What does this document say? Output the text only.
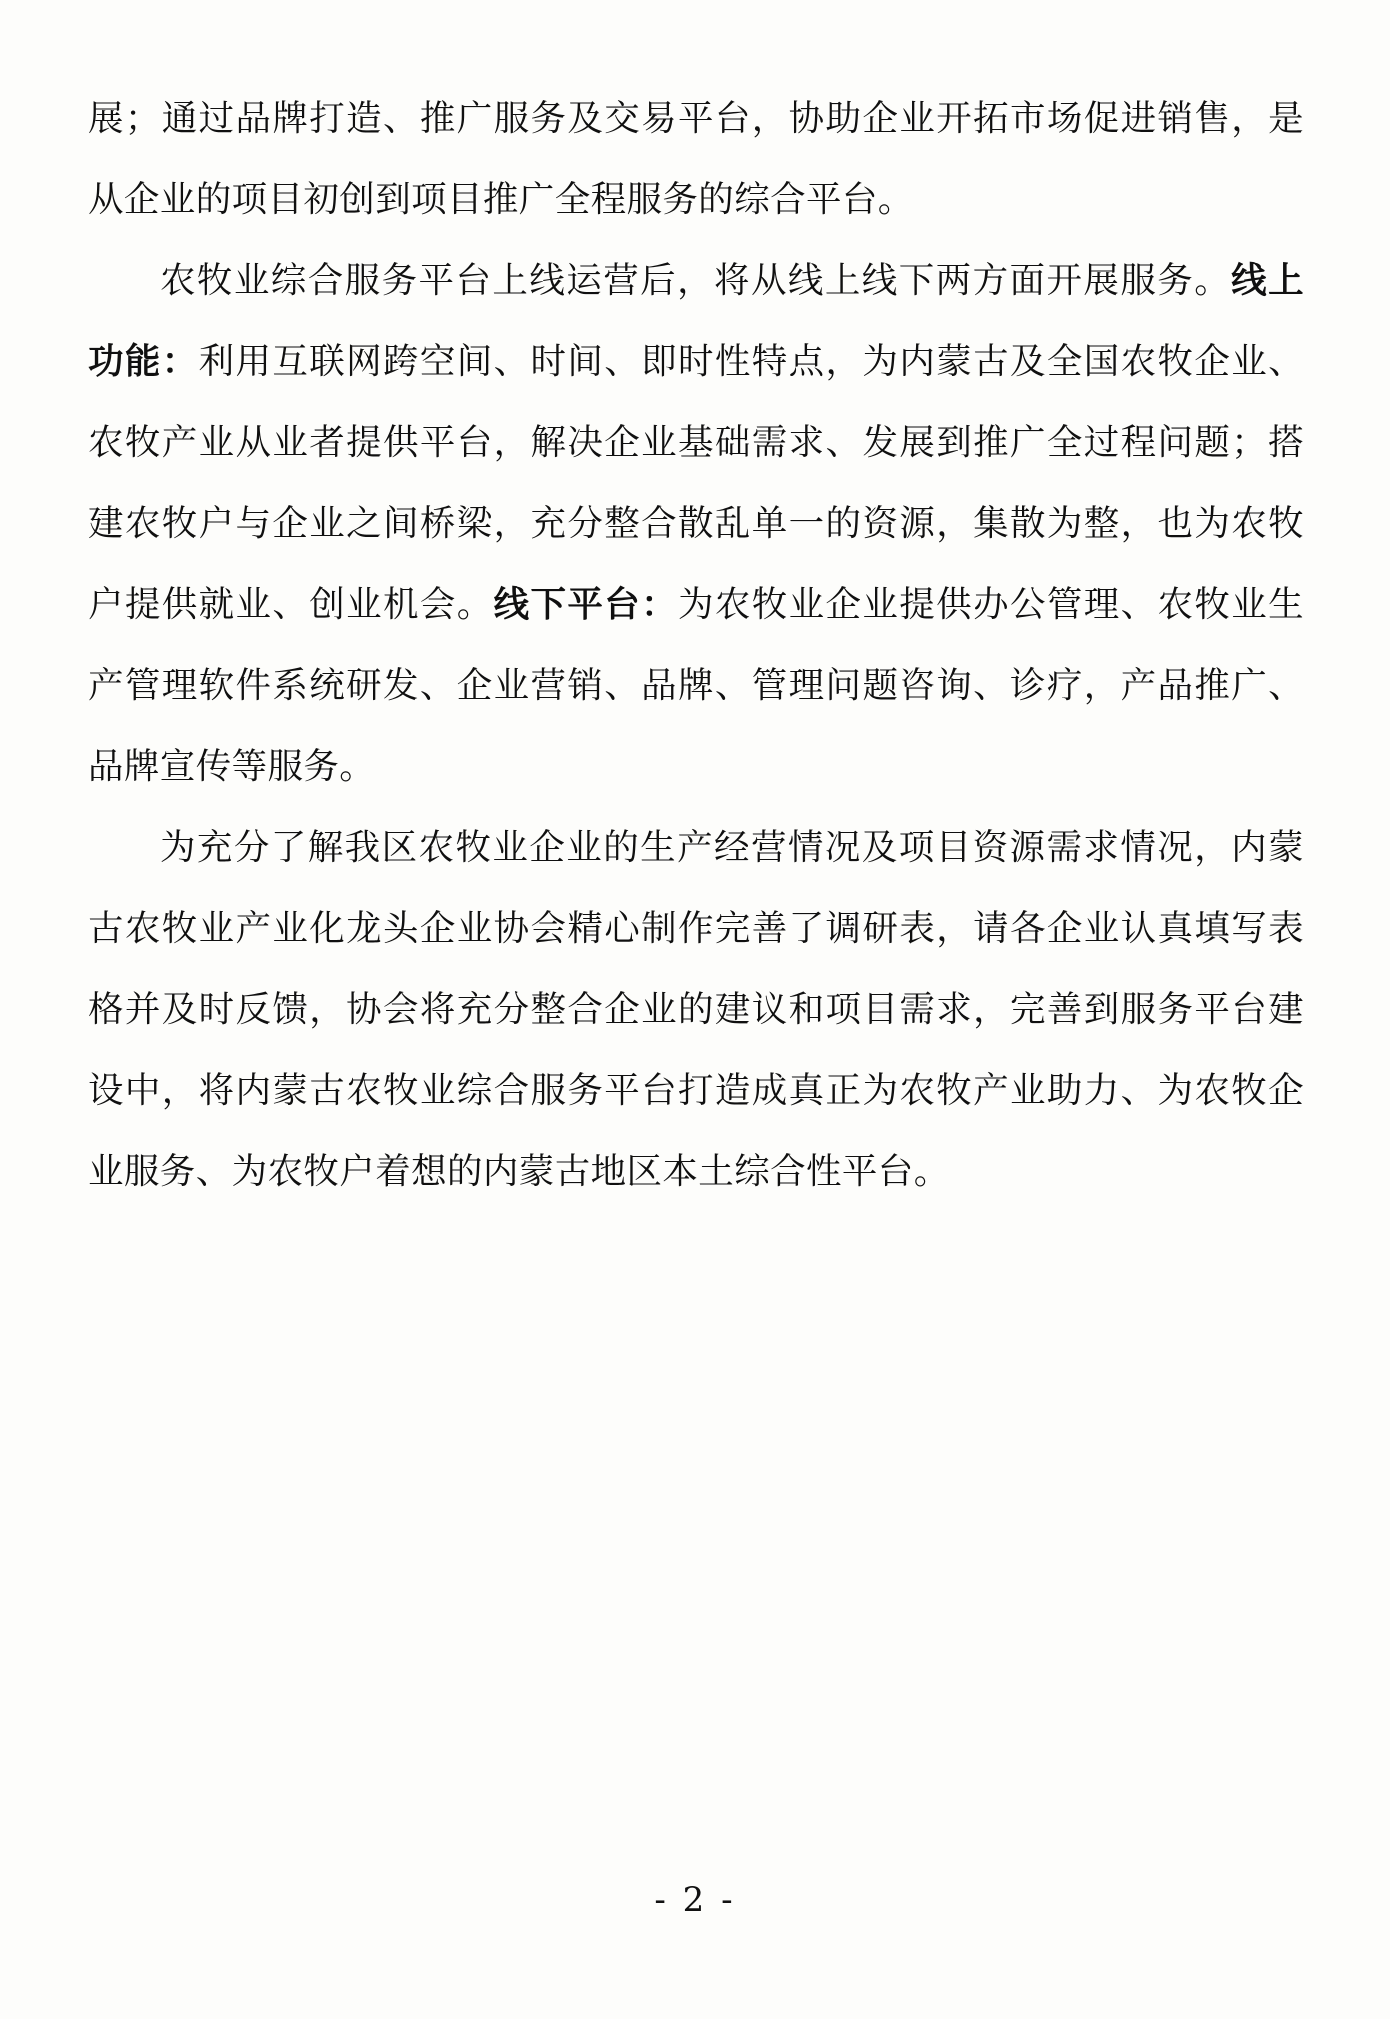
展；通过品牌打造、推广服务及交易平台，协助企业开拓市场促进销售，是从企业的项目初创到项目推广全程服务的综合平台。

农牧业综合服务平台上线运营后，将从线上线下两方面开展服务。线上功能：利用互联网跨空间、时间、即时性特点，为内蒙古及全国农牧企业、农牧产业从业者提供平台，解决企业基础需求、发展到推广全过程问题；搭建农牧户与企业之间桥梁，充分整合散乱单一的资源，集散为整，也为农牧户提供就业、创业机会。线下平台：为农牧业企业提供办公管理、农牧业生产管理软件系统研发、企业营销、品牌、管理问题咨询、诊疗，产品推广、品牌宣传等服务。

为充分了解我区农牧业企业的生产经营情况及项目资源需求情况，内蒙古农牧业产业化龙头企业协会精心制作完善了调研表，请各企业认真填写表格并及时反馈，协会将充分整合企业的建议和项目需求，完善到服务平台建设中，将内蒙古农牧业综合服务平台打造成真正为农牧产业助力、为农牧企业服务、为农牧户着想的内蒙古地区本土综合性平台。

- 2 -
